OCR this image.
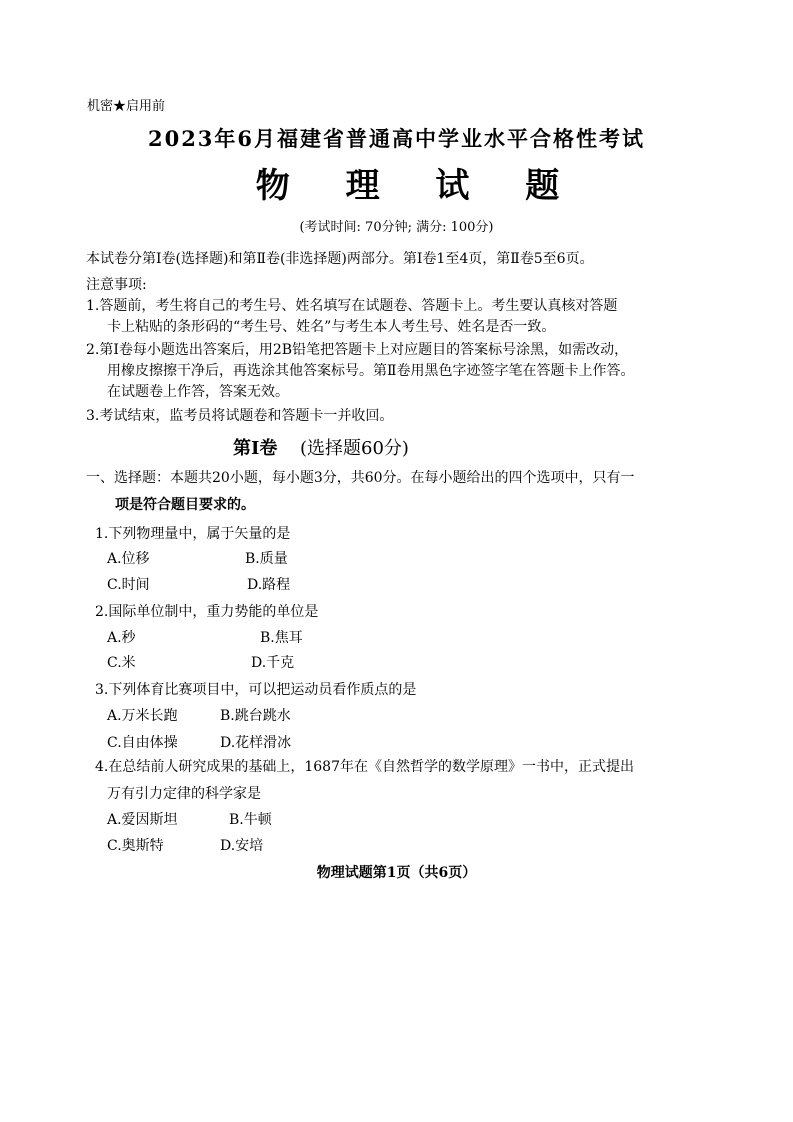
机密★启用前
2023年6月福建省普通高中学业水平合格性考试
物 理 试 题
(考试时间: 70分钟; 满分: 100分)
本试卷分第Ⅰ卷(选择题)和第Ⅱ卷(非选择题)两部分。第Ⅰ卷1至4页，第Ⅱ卷5至6页。
注意事项:
1.答题前，考生将自己的考生号、姓名填写在试题卷、答题卡上。考生要认真核对答题
卡上粘贴的条形码的“考生号、姓名”与考生本人考生号、姓名是否一致。
2.第Ⅰ卷每小题选出答案后，用2B铅笔把答题卡上对应题目的答案标号涂黑，如需改动，
用橡皮擦擦干净后，再选涂其他答案标号。第Ⅱ卷用黑色字迹签字笔在答题卡上作答。
在试题卷上作答，答案无效。
3.考试结束，监考员将试题卷和答题卡一并收回。
第Ⅰ卷 (选择题60分)
一、选择题：本题共20小题，每小题3分，共60分。在每小题给出的四个选项中，只有一
项是符合题目要求的。
1.下列物理量中，属于矢量的是
A.位移	B.质量
C.时间	D.路程
2.国际单位制中，重力势能的单位是
A.秒	B.焦耳
C.米	D.千克
3.下列体育比赛项目中，可以把运动员看作质点的是
A.万米长跑	B.跳台跳水
C.自由体操	D.花样滑冰
4.在总结前人研究成果的基础上，1687年在《自然哲学的数学原理》一书中，正式提出
万有引力定律的科学家是
A.爱因斯坦	B.牛顿
C.奥斯特	D.安培
物理试题第1页（共6页）
